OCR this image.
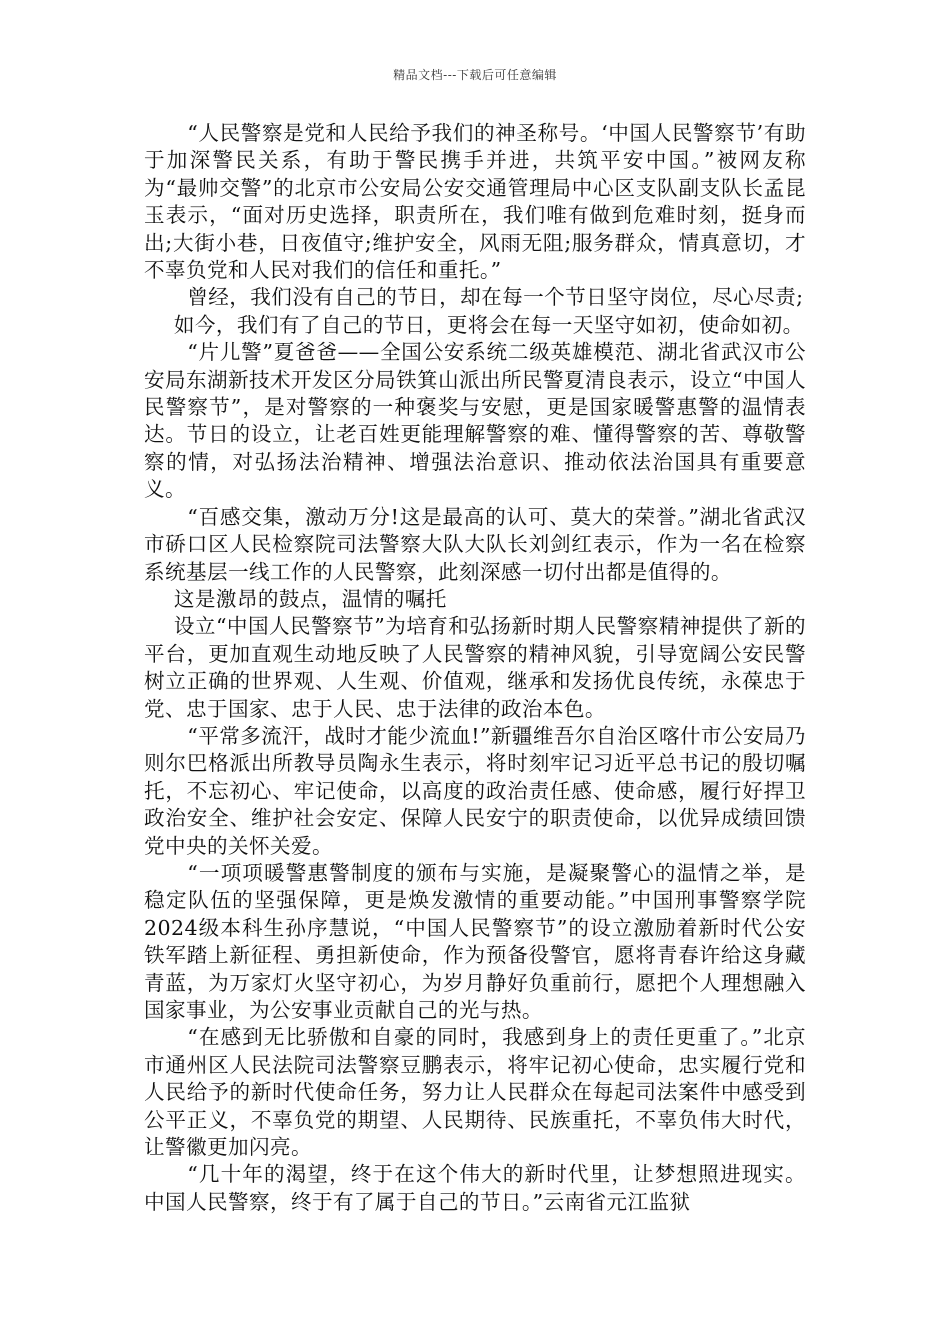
精品文档---下载后可任意编辑

“人民警察是党和人民给予我们的神圣称号。‘中国人民警察节’有助于加深警民关系，有助于警民携手并进，共筑平安中国。”被网友称为“最帅交警”的北京市公安局公安交通管理局中心区支队副支队长孟昆玉表示，“面对历史选择，职责所在，我们唯有做到危难时刻，挺身而出;大街小巷，日夜值守;维护安全，风雨无阻;服务群众，情真意切，才不辜负党和人民对我们的信任和重托。”

曾经，我们没有自己的节日，却在每一个节日坚守岗位，尽心尽责;

如今，我们有了自己的节日，更将会在每一天坚守如初，使命如初。

“片儿警”夏爸爸——全国公安系统二级英雄模范、湖北省武汉市公安局东湖新技术开发区分局铁箕山派出所民警夏清良表示，设立“中国人民警察节”，是对警察的一种褒奖与安慰，更是国家暖警惠警的温情表达。节日的设立，让老百姓更能理解警察的难、懂得警察的苦、尊敬警察的情，对弘扬法治精神、增强法治意识、推动依法治国具有重要意义。

“百感交集，激动万分!这是最高的认可、莫大的荣誉。”湖北省武汉市硚口区人民检察院司法警察大队大队长刘剑红表示，作为一名在检察系统基层一线工作的人民警察，此刻深感一切付出都是值得的。

这是激昂的鼓点，温情的嘱托

设立“中国人民警察节”为培育和弘扬新时期人民警察精神提供了新的平台，更加直观生动地反映了人民警察的精神风貌，引导宽阔公安民警树立正确的世界观、人生观、价值观，继承和发扬优良传统，永葆忠于党、忠于国家、忠于人民、忠于法律的政治本色。

“平常多流汗，战时才能少流血!”新疆维吾尔自治区喀什市公安局乃则尔巴格派出所教导员陶永生表示，将时刻牢记习近平总书记的殷切嘱托，不忘初心、牢记使命，以高度的政治责任感、使命感，履行好捍卫政治安全、维护社会安定、保障人民安宁的职责使命，以优异成绩回馈党中央的关怀关爱。

“一项项暖警惠警制度的颁布与实施，是凝聚警心的温情之举，是稳定队伍的坚强保障，更是焕发激情的重要动能。”中国刑事警察学院2024级本科生孙序慧说，“中国人民警察节”的设立激励着新时代公安铁军踏上新征程、勇担新使命，作为预备役警官，愿将青春许给这身藏青蓝，为万家灯火坚守初心，为岁月静好负重前行，愿把个人理想融入国家事业，为公安事业贡献自己的光与热。

“在感到无比骄傲和自豪的同时，我感到身上的责任更重了。”北京市通州区人民法院司法警察豆鹏表示，将牢记初心使命，忠实履行党和人民给予的新时代使命任务，努力让人民群众在每起司法案件中感受到公平正义，不辜负党的期望、人民期待、民族重托，不辜负伟大时代，让警徽更加闪亮。

“几十年的渴望，终于在这个伟大的新时代里，让梦想照进现实。中国人民警察，终于有了属于自己的节日。”云南省元江监狱
